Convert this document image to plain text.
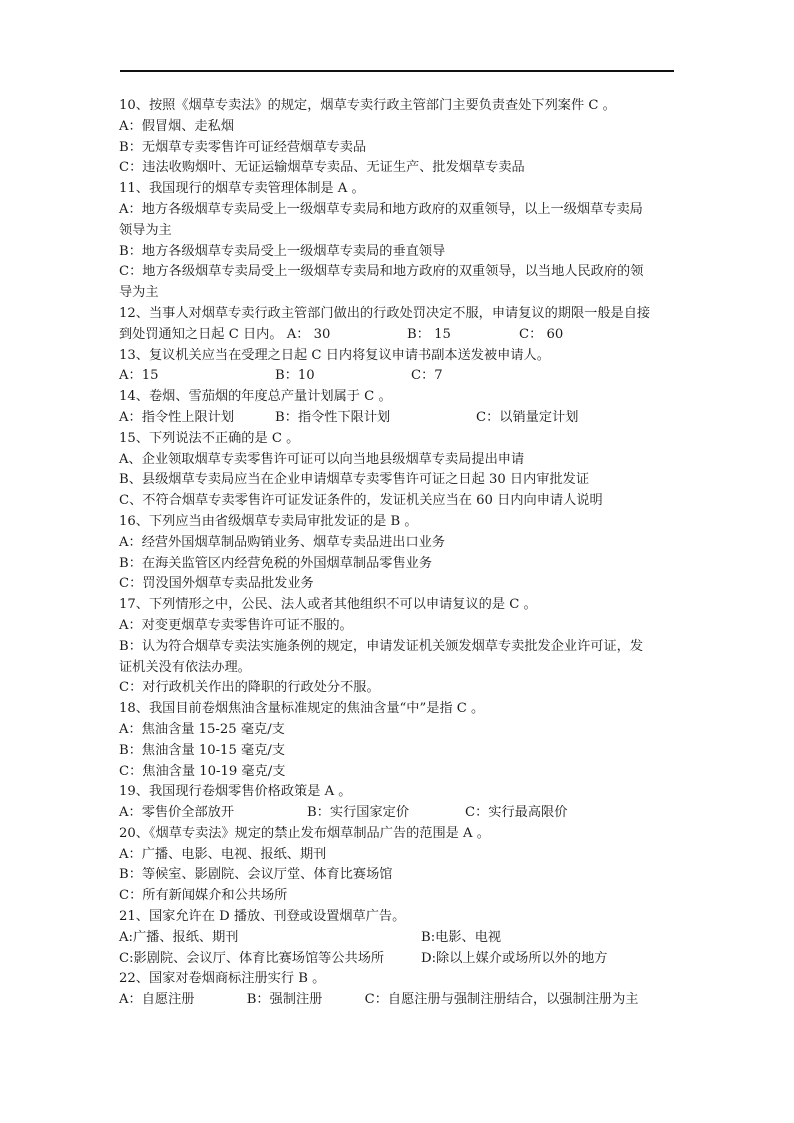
10、按照《烟草专卖法》的规定，烟草专卖行政主管部门主要负责查处下列案件 C 。
A：假冒烟、走私烟
B：无烟草专卖零售许可证经营烟草专卖品
C：违法收购烟叶、无证运输烟草专卖品、无证生产、批发烟草专卖品
11、我国现行的烟草专卖管理体制是 A 。
A：地方各级烟草专卖局受上一级烟草专卖局和地方政府的双重领导，以上一级烟草专卖局
领导为主
B：地方各级烟草专卖局受上一级烟草专卖局的垂直领导
C：地方各级烟草专卖局受上一级烟草专卖局和地方政府的双重领导，以当地人民政府的领
导为主
12、当事人对烟草专卖行政主管部门做出的行政处罚决定不服，申请复议的期限一般是自接
到处罚通知之日起 C 日内。 A： 30	B： 15	C： 60
13、复议机关应当在受理之日起 C 日内将复议申请书副本送发被申请人。
A：15	B：10	C：7
14、卷烟、雪茄烟的年度总产量计划属于 C 。
A：指令性上限计划	B：指令性下限计划	C：以销量定计划
15、下列说法不正确的是 C 。
A、企业领取烟草专卖零售许可证可以向当地县级烟草专卖局提出申请
B、县级烟草专卖局应当在企业申请烟草专卖零售许可证之日起 30 日内审批发证
C、不符合烟草专卖零售许可证发证条件的，发证机关应当在 60 日内向申请人说明
16、下列应当由省级烟草专卖局审批发证的是 B 。
A：经营外国烟草制品购销业务、烟草专卖品进出口业务
B：在海关监管区内经营免税的外国烟草制品零售业务
C：罚没国外烟草专卖品批发业务
17、下列情形之中，公民、法人或者其他组织不可以申请复议的是 C 。
A：对变更烟草专卖零售许可证不服的。
B：认为符合烟草专卖法实施条例的规定，申请发证机关颁发烟草专卖批发企业许可证，发
证机关没有依法办理。
C：对行政机关作出的降职的行政处分不服。
18、我国目前卷烟焦油含量标准规定的焦油含量“中”是指 C 。
A：焦油含量 15-25 毫克/支
B：焦油含量 10-15 毫克/支
C：焦油含量 10-19 毫克/支
19、我国现行卷烟零售价格政策是 A 。
A：零售价全部放开	B：实行国家定价	C：实行最高限价
20、《烟草专卖法》规定的禁止发布烟草制品广告的范围是 A 。
A：广播、电影、电视、报纸、期刊
B：等候室、影剧院、会议厅堂、体育比赛场馆
C：所有新闻媒介和公共场所
21、国家允许在 D 播放、刊登或设置烟草广告。
A:广播、报纸、期刊	B:电影、电视
C:影剧院、会议厅、体育比赛场馆等公共场所	D:除以上媒介或场所以外的地方
22、国家对卷烟商标注册实行 B 。
A：自愿注册	B：强制注册	C：自愿注册与强制注册结合，以强制注册为主
